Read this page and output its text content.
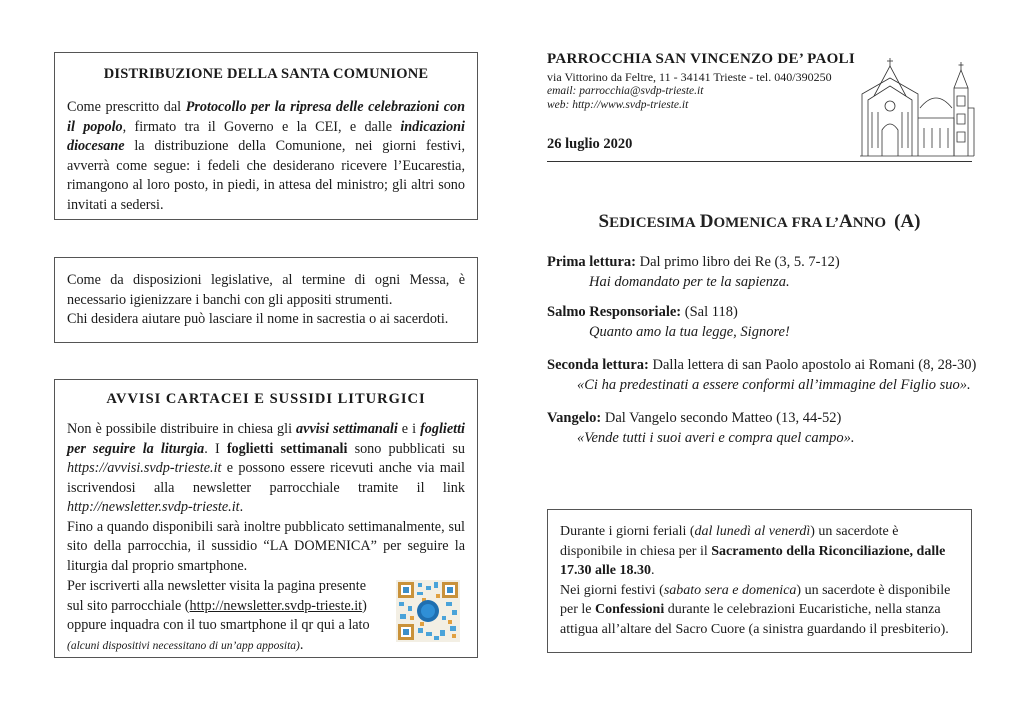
DISTRIBUZIONE DELLA SANTA COMUNIONE
Come prescritto dal Protocollo per la ripresa delle celebrazioni con il popolo, firmato tra il Governo e la CEI, e dalle indicazioni diocesane la distribuzione della Comunione, nei giorni festivi, avverrà come segue: i fedeli che desiderano ricevere l’Eucarestia, rimangono al loro posto, in piedi, in attesa del ministro; gli altri sono invitati a sedersi.
Come da disposizioni legislative, al termine di ogni Messa, è necessario igienizzare i banchi con gli appositi strumenti.
Chi desidera aiutare può lasciare il nome in sacrestia o ai sacerdoti.
AVVISI CARTACEI E SUSSIDI LITURGICI
Non è possibile distribuire in chiesa gli avvisi settimanali e i foglietti per seguire la liturgia. I foglietti settimanali sono pubblicati su https://avvisi.svdp-trieste.it e possono essere ricevuti anche via mail iscrivendosi alla newsletter parrocchiale tramite il link http://newsletter.svdp-trieste.it.
Fino a quando disponibili sarà inoltre pubblicato settimanalmente, sul sito della parrocchia, il sussidio “LA DOMENICA” per seguire la liturgia dal proprio smartphone.
Per iscriverti alla newsletter visita la pagina presente sul sito parrocchiale (http://newsletter.svdp-trieste.it) oppure inquadra con il tuo smartphone il qr qui a lato
(alcuni dispositivi necessitano di un’app apposita).
PARROCCHIA SAN VINCENZO DE’ PAOLI
via Vittorino da Feltre, 11 - 34141 Trieste - tel. 040/390250
email: parrocchia@svdp-trieste.it
web: http://www.svdp-trieste.it
26 luglio 2020
SEDICESIMA DOMENICA FRA L’ANNO (A)
Prima lettura: Dal primo libro dei Re (3, 5. 7-12)
Hai domandato per te la sapienza.
Salmo Responsoriale: (Sal 118)
Quanto amo la tua legge, Signore!
Seconda lettura: Dalla lettera di san Paolo apostolo ai Romani (8, 28-30)
«Ci ha predestinati a essere conformi all’immagine del Figlio suo».
Vangelo: Dal Vangelo secondo Matteo (13, 44-52)
«Vende tutti i suoi averi e compra quel campo».
Durante i giorni feriali (dal lunedì al venerdì) un sacerdote è disponibile in chiesa per il Sacramento della Riconciliazione, dalle 17.30 alle 18.30.
Nei giorni festivi (sabato sera e domenica) un sacerdote è disponibile per le Confessioni durante le celebrazioni Eucaristiche, nella stanza attigua all’altare del Sacro Cuore (a sinistra guardando il presbiterio).
